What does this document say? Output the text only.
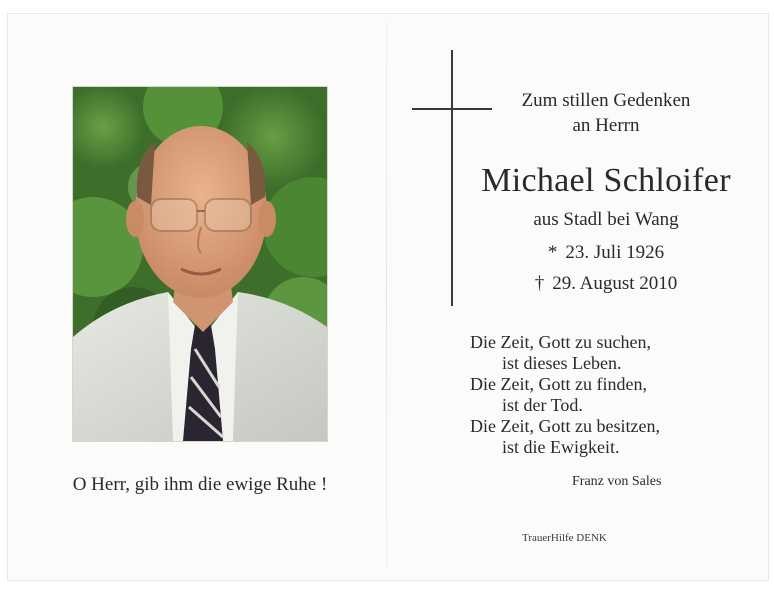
O Herr, gib ihm die ewige Ruhe !
Zum stillen Gedenken
an Herrn
Michael Schloifer
aus Stadl bei Wang
* 23. Juli 1926
† 29. August 2010
Die Zeit, Gott zu suchen,
ist dieses Leben.
Die Zeit, Gott zu finden,
ist der Tod.
Die Zeit, Gott zu besitzen,
ist die Ewigkeit.
Franz von Sales
TrauerHilfe DENK
